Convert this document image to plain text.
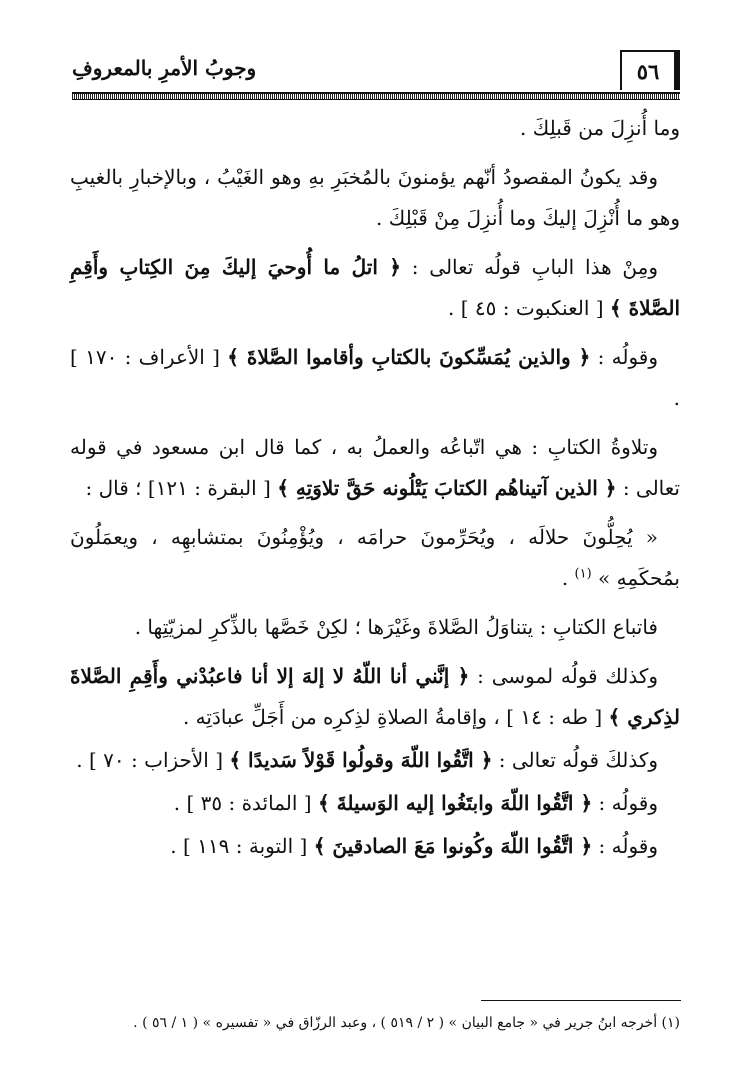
وجوبُ الأمرِ بالمعروفِ	٥٦

وما أُنزِلَ من قَبلِكَ .

وقد يكونُ المقصودُ أنّهم يؤمنونَ بالمُخبَرِ بهِ وهو الغَيْبُ ، وبالإخبارِ بالغيبِ وهو ما أُنْزِلَ إليكَ وما أُنزِلَ مِنْ قَبْلِكَ .

ومِنْ هذا البابِ قولُه تعالى : ﴿ اتلُ ما أُوحيَ إليكَ مِنَ الكِتابِ وأَقِمِ الصَّلاةَ ﴾ [ العنكبوت : ٤٥ ] .

وقولُه : ﴿ والذين يُمَسِّكونَ بالكتابِ وأقاموا الصَّلاةَ ﴾ [ الأعراف : ١٧٠ ] .

وتلاوةُ الكتابِ : هي اتّباعُه والعملُ به ، كما قال ابن مسعود في قوله تعالى : ﴿ الذين آتيناهُم الكتابَ يَتْلُونه حَقَّ تلاوَتِهِ ﴾ [ البقرة : ١٢١] ؛ قال :

« يُحِلُّونَ حلالَه ، ويُحَرِّمونَ حرامَه ، ويُؤْمِنُونَ بمتشابهِه ، ويعمَلُونَ بمُحكَمِهِ » $^{(١)}$ .

فاتباع الكتابِ : يتناوَلُ الصَّلاةَ وغَيْرَها ؛ لكِنْ خَصَّها بالذِّكرِ لمزيّتِها .

وكذلك قولُه لموسى : ﴿ إنَّني أنا اللّهُ لا إلهَ إلا أنا فاعبُدْني وأَقِمِ الصَّلاةَ لذِكري ﴾ [ طه : ١٤ ] ، وإقامةُ الصلاةِ لذِكرِه من أَجَلِّ عبادَتِه .

وكذلكَ قولُه تعالى : ﴿ اتَّقُوا اللّهَ وقولُوا قَوْلاً سَديدًا ﴾ [ الأحزاب : ٧٠ ] .

وقولُه : ﴿ اتَّقُوا اللّهَ وابتَغُوا إليه الوَسيلةَ ﴾ [ المائدة : ٣٥ ] .

وقولُه : ﴿ اتَّقُوا اللّهَ وكُونوا مَعَ الصادقينَ ﴾ [ التوبة : ١١٩ ] .

(١) أخرجه ابنُ جرير في « جامع البيان » ( ٢ / ٥١٩ ) ، وعبد الرزّاق في « تفسيره » ( ١ / ٥٦ ) .
